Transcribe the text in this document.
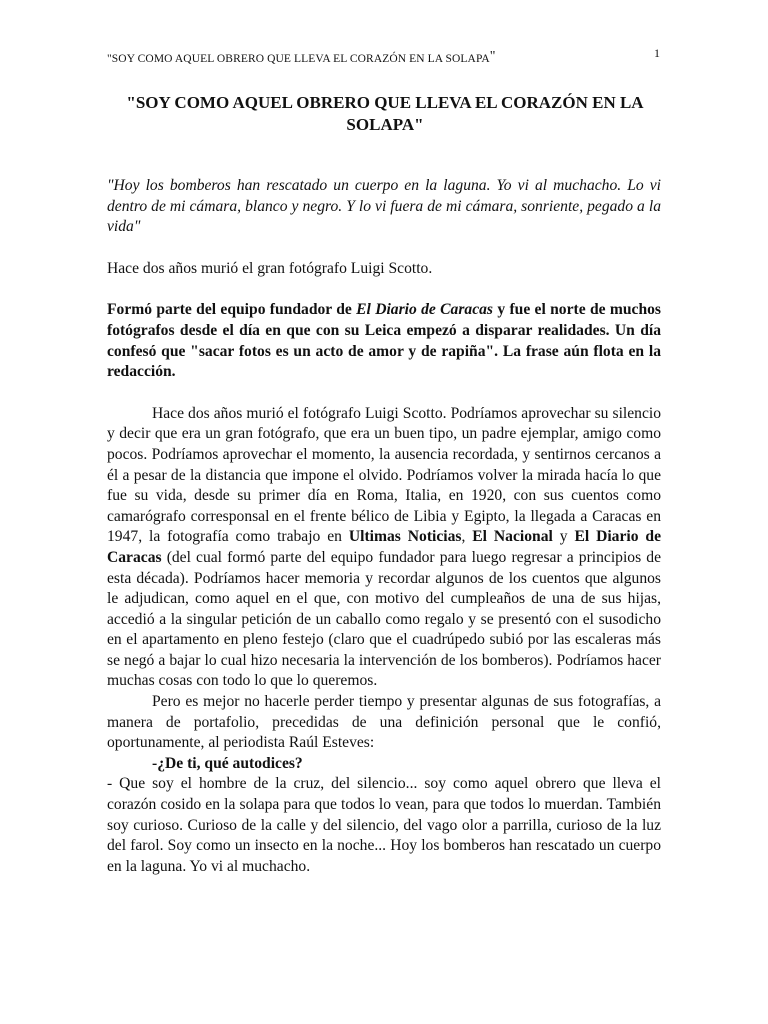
"SOY COMO AQUEL OBRERO QUE LLEVA EL CORAZÓN EN LA SOLAPA"	1
"SOY COMO AQUEL OBRERO QUE LLEVA EL CORAZÓN EN LA SOLAPA"

"Hoy los bomberos han rescatado un cuerpo en la laguna. Yo vi al muchacho. Lo vi dentro de mi cámara, blanco y negro. Y lo vi fuera de mi cámara, sonriente, pegado a la vida"

Hace dos años murió el gran fotógrafo Luigi Scotto.

Formó parte del equipo fundador de El Diario de Caracas y fue el norte de muchos fotógrafos desde el día en que con su Leica empezó a disparar realidades. Un día confesó que "sacar fotos es un acto de amor y de rapiña". La frase aún flota en la redacción.

Hace dos años murió el fotógrafo Luigi Scotto. Podríamos aprovechar su silencio y decir que era un gran fotógrafo, que era un buen tipo, un padre ejemplar, amigo como pocos. Podríamos aprovechar el momento, la ausencia recordada, y sentirnos cercanos a él a pesar de la distancia que impone el olvido. Podríamos volver la mirada hacía lo que fue su vida, desde su primer día en Roma, Italia, en 1920, con sus cuentos como camarógrafo corresponsal en el frente bélico de Libia y Egipto, la llegada a Caracas en 1947, la fotografía como trabajo en Ultimas Noticias, El Nacional y El Diario de Caracas (del cual formó parte del equipo fundador para luego regresar a principios de esta década). Podríamos hacer memoria y recordar algunos de los cuentos que algunos le adjudican, como aquel en el que, con motivo del cumpleaños de una de sus hijas, accedió a la singular petición de un caballo como regalo y se presentó con el susodicho en el apartamento en pleno festejo (claro que el cuadrúpedo subió por las escaleras más se negó a bajar lo cual hizo necesaria la intervención de los bomberos). Podríamos hacer muchas cosas con todo lo que lo queremos.

Pero es mejor no hacerle perder tiempo y presentar algunas de sus fotografías, a manera de portafolio, precedidas de una definición personal que le confió, oportunamente, al periodista Raúl Esteves:

-¿De ti, qué autodices?

- Que soy el hombre de la cruz, del silencio... soy como aquel obrero que lleva el corazón cosido en la solapa para que todos lo vean, para que todos lo muerdan. También soy curioso. Curioso de la calle y del silencio, del vago olor a parrilla, curioso de la luz del farol. Soy como un insecto en la noche... Hoy los bomberos han rescatado un cuerpo en la laguna. Yo vi al muchacho.
